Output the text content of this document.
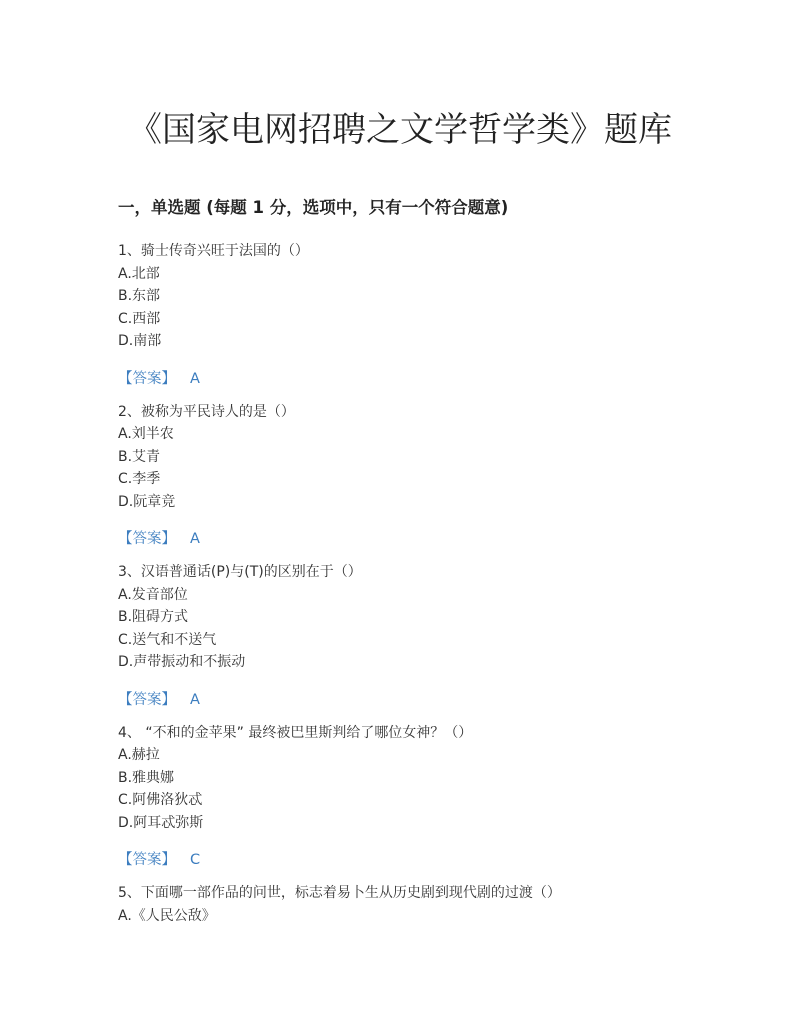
《国家电网招聘之文学哲学类》题库
一，单选题 (每题 1 分，选项中，只有一个符合题意)

1、骑士传奇兴旺于法国的（）

A.北部
B.东部
C.西部
D.南部
【答案】 A

2、被称为平民诗人的是（）

A.刘半农
B.艾青
C.李季
D.阮章竞
【答案】 A

3、汉语普通话(P)与(T)的区别在于（）

A.发音部位
B.阻碍方式
C.送气和不送气
D.声带振动和不振动
【答案】 A

4、 “不和的金苹果” 最终被巴里斯判给了哪位女神？（）

A.赫拉
B.雅典娜
C.阿佛洛狄忒
D.阿耳忒弥斯
【答案】 C

5、下面哪一部作品的问世，标志着易卜生从历史剧到现代剧的过渡（）

A.《人民公敌》
